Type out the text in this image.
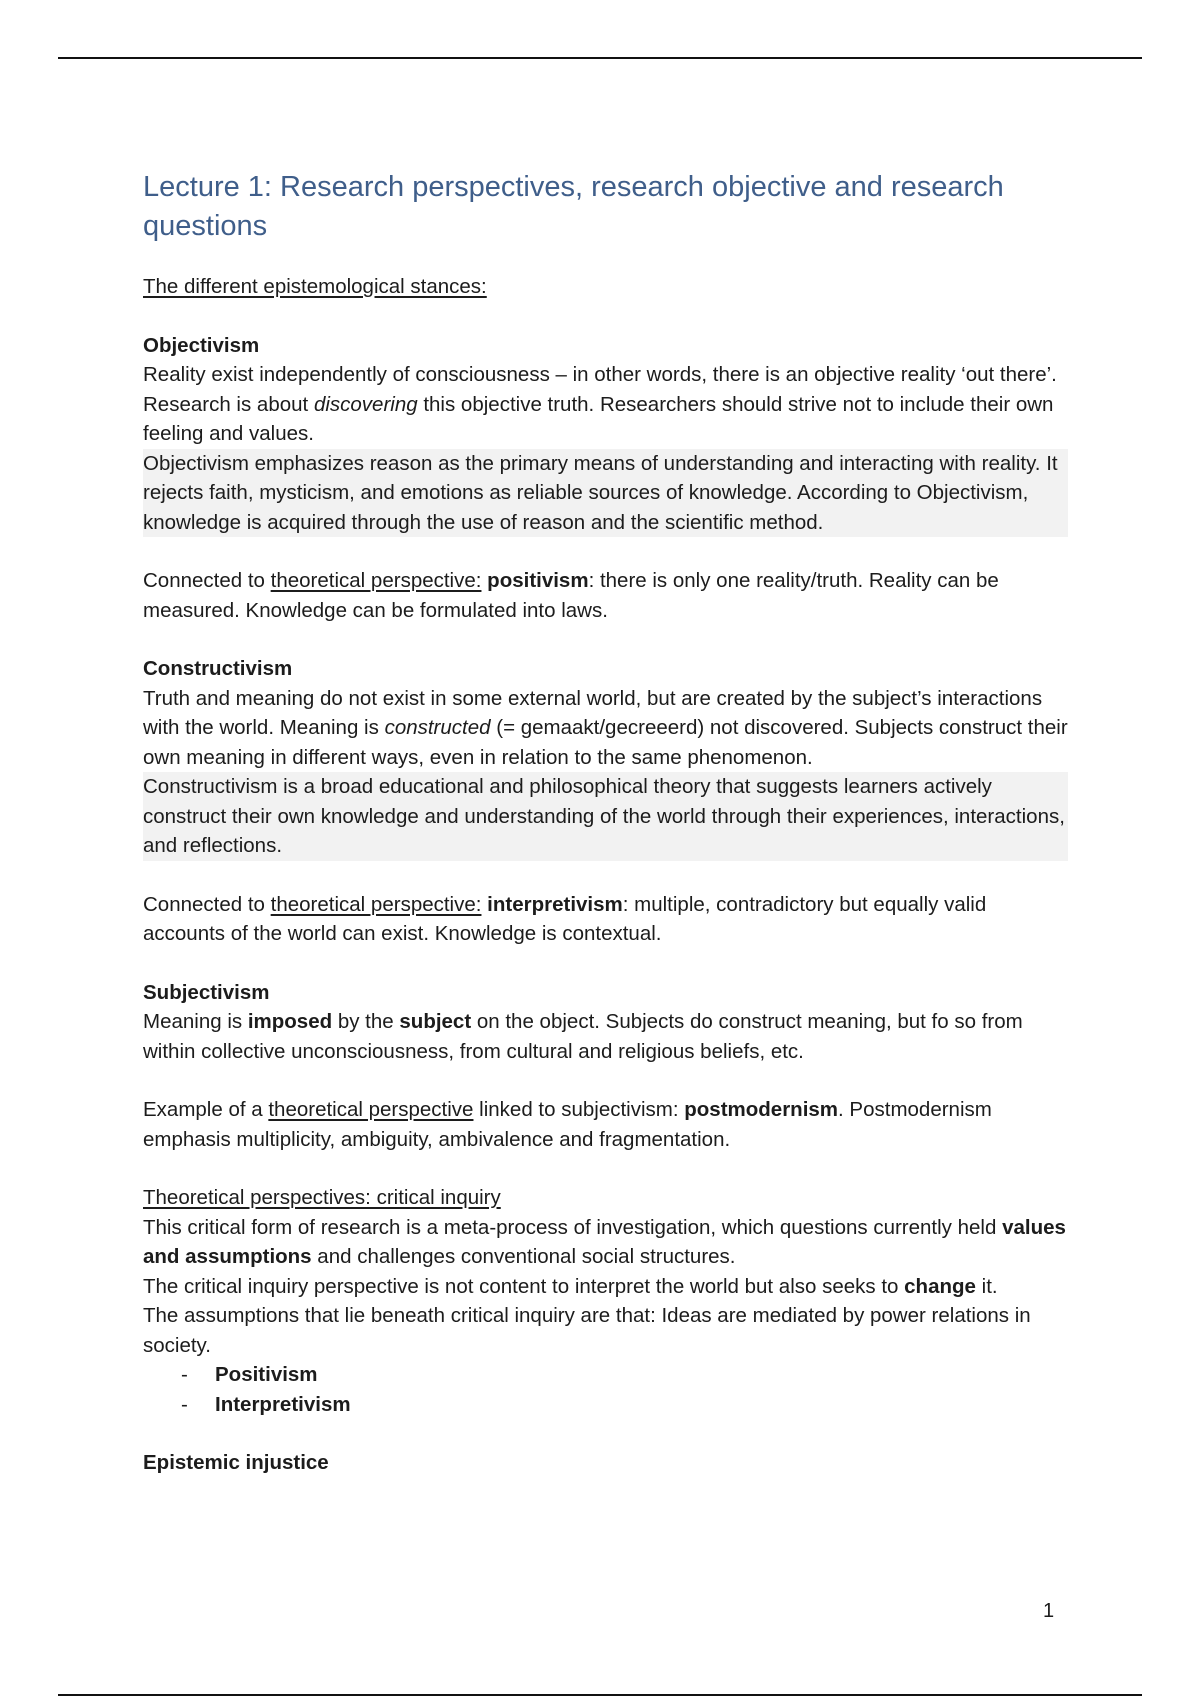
Lecture 1: Research perspectives, research objective and research questions

The different epistemological stances:

Objectivism

Reality exist independently of consciousness – in other words, there is an objective reality ‘out there’. Research is about discovering this objective truth. Researchers should strive not to include their own feeling and values.

Objectivism emphasizes reason as the primary means of understanding and interacting with reality. It rejects faith, mysticism, and emotions as reliable sources of knowledge. According to Objectivism, knowledge is acquired through the use of reason and the scientific method.

Connected to theoretical perspective: positivism: there is only one reality/truth. Reality can be measured. Knowledge can be formulated into laws.

Constructivism

Truth and meaning do not exist in some external world, but are created by the subject’s interactions with the world. Meaning is constructed (= gemaakt/gecreeerd) not discovered. Subjects construct their own meaning in different ways, even in relation to the same phenomenon.

Constructivism is a broad educational and philosophical theory that suggests learners actively construct their own knowledge and understanding of the world through their experiences, interactions, and reflections.

Connected to theoretical perspective: interpretivism: multiple, contradictory but equally valid accounts of the world can exist. Knowledge is contextual.

Subjectivism

Meaning is imposed by the subject on the object. Subjects do construct meaning, but fo so from within collective unconsciousness, from cultural and religious beliefs, etc.

Example of a theoretical perspective linked to subjectivism: postmodernism. Postmodernism emphasis multiplicity, ambiguity, ambivalence and fragmentation.

Theoretical perspectives: critical inquiry

This critical form of research is a meta-process of investigation, which questions currently held values and assumptions and challenges conventional social structures.

The critical inquiry perspective is not content to interpret the world but also seeks to change it.

The assumptions that lie beneath critical inquiry are that: Ideas are mediated by power relations in society.

- Positivism
- Interpretivism

Epistemic injustice

1
